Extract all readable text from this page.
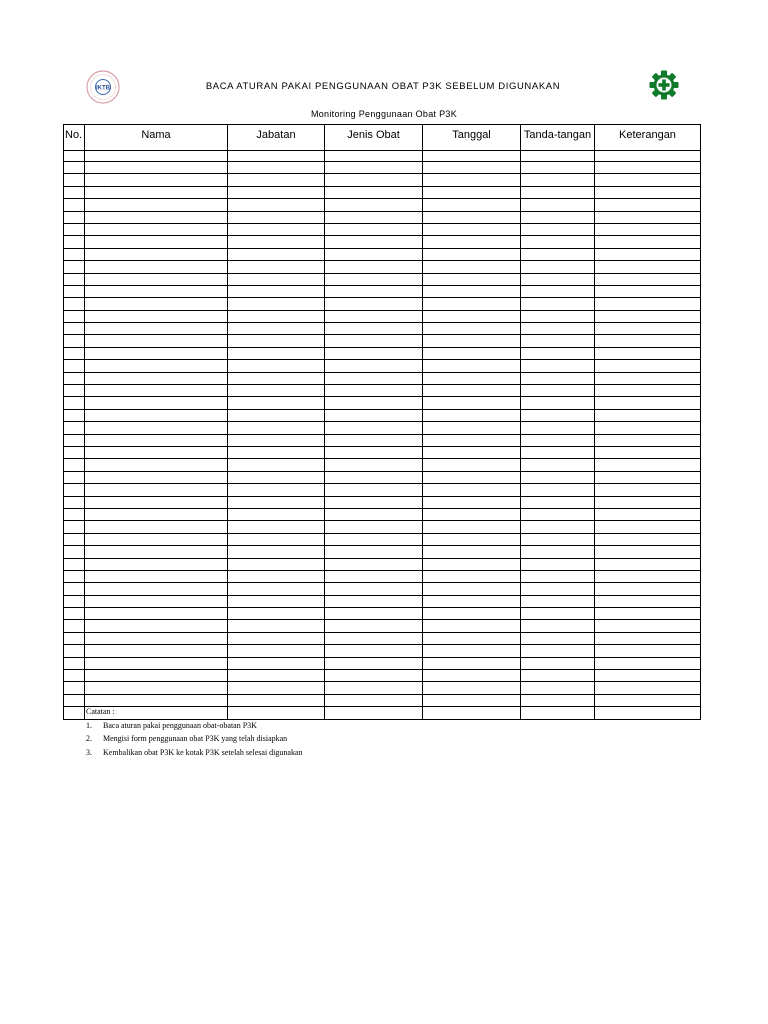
IKTB	BACA ATURAN PAKAI PENGGUNAAN OBAT P3K SEBELUM DIGUNAKAN
Monitoring Penggunaan Obat P3K
No.	Nama	Jabatan	Jenis Obat	Tanggal	Tanda-tangan	Keterangan

Catatan :
1.	Baca aturan pakai penggunaan obat-obatan P3K
2.	Mengisi form penggunaan obat P3K yang telah disiapkan
3.	Kembalikan obat P3K ke kotak P3K setelah selesai digunakan
